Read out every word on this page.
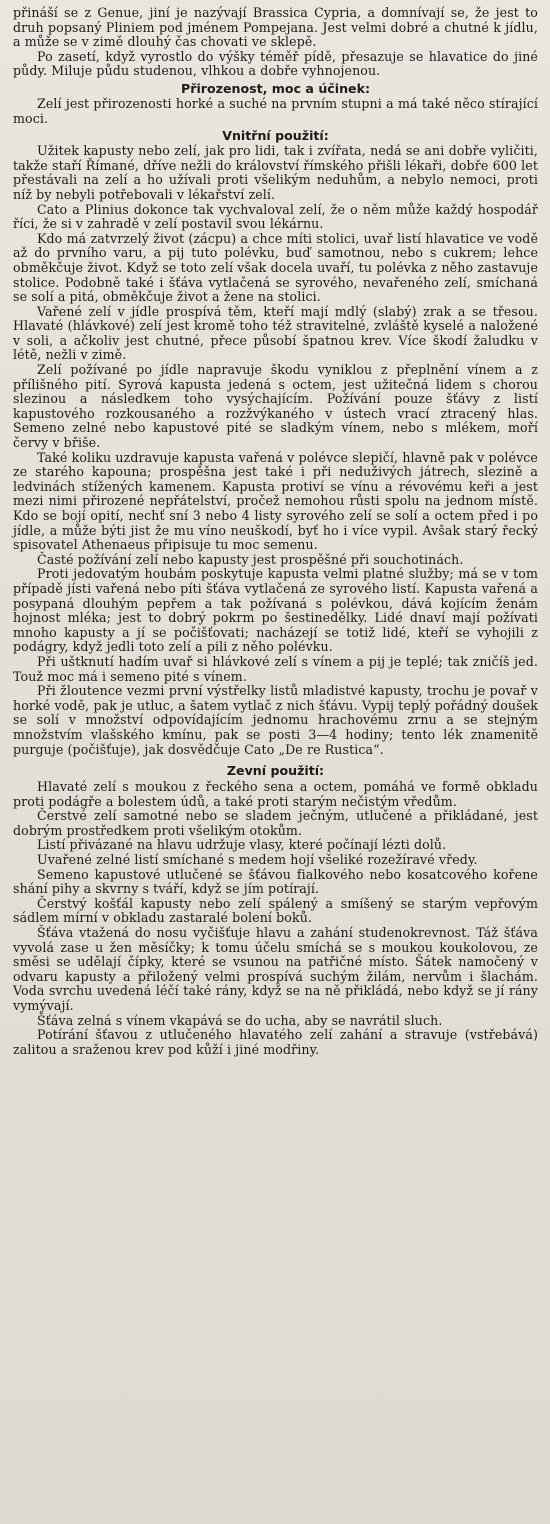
přináší se z Genue, jiní je nazývají Brassica Cypria, a domnívají se, že jest to druh popsaný Pliniem pod jménem Pompejana. Jest velmi dobré a chutné k jídlu, a může se v zimě dlouhý čas chovati ve sklepě.

Po zasetí, když vyrostlo do výšky téměř pídě, přesazuje se hlavatice do jiné půdy. Miluje půdu studenou, vlhkou a dobře vyhnojenou.

Přirozenost, moc a účinek:

Zelí jest přirozenosti horké a suché na prvním stupni a má také něco stírající moci.

Vnitřní použití:

Užitek kapusty nebo zelí, jak pro lidi, tak i zvířata, nedá se ani dobře vyličiti, takže staří Římané, dříve nežli do království římského přišli lékaři, dobře 600 let přestávali na zelí a ho užívali proti všelikým neduhům, a nebylo nemoci, proti níž by nebyli potřebovali v lékařství zelí.

Cato a Plinius dokonce tak vychvaloval zelí, že o něm může každý hospodář říci, že si v zahradě v zelí postavil svou lékárnu.

Kdo má zatvrzelý život (zácpu) a chce míti stolici, uvař listí hlavatice ve vodě až do prvního varu, a pij tuto polévku, buď samotnou, nebo s cukrem; lehce obměkčuje život. Když se toto zelí však docela uvaří, tu polévka z něho zastavuje stolice. Podobně také i šťáva vytlačená se syrového, nevařeného zelí, smíchaná se solí a pitá, obměkčuje život a žene na stolici.

Vařené zelí v jídle prospívá těm, kteří mají mdlý (slabý) zrak a se třesou. Hlavaté (hlávkové) zelí jest kromě toho též stravitelné, zvláště kyselé a naložené v soli, a ačkoliv jest chutné, přece působí špatnou krev. Více škodí žaludku v létě, nežli v zimě.

Zelí požívané po jídle napravuje škodu vyniklou z přeplnění vínem a z přílišného pití. Syrová kapusta jedená s octem, jest užitečná lidem s chorou slezinou a následkem toho vysýchajícím. Požívání pouze šťávy z listí kapustového rozkousaného a rozžvýkaného v ústech vrací ztracený hlas. Semeno zelné nebo kapustové pité se sladkým vínem, nebo s mlékem, moří červy v břiše.

Také koliku uzdravuje kapusta vařená v polévce slepičí, hlavně pak v polévce ze starého kapouna; prospěšna jest také i při neduživých játrech, slezině a ledvinách stížených kamenem. Kapusta protiví se vínu a révovému keři a jest mezi nimi přirozené nepřátelství, pročež nemohou růsti spolu na jednom místě. Kdo se bojí opití, nechť sní 3 nebo 4 listy syrového zelí se solí a octem před i po jídle, a může býti jist že mu víno neuškodí, byť ho i více vypil. Avšak starý řecký spisovatel Athenaeus připisuje tu moc semenu.

Časté požívání zelí nebo kapusty jest prospěšné při souchotinách.

Proti jedovatým houbám poskytuje kapusta velmi platné služby; má se v tom případě jísti vařená nebo píti šťáva vytlačená ze syrového listí. Kapusta vařená a posypaná dlouhým pepřem a tak požívaná s polévkou, dává kojícím ženám hojnost mléka; jest to dobrý pokrm po šestinedělky. Lidé dnaví mají požívati mnoho kapusty a jí se počišťovati; nacházejí se totiž lidé, kteří se vyhojili z podágry, když jedli toto zelí a pili z něho polévku.

Při uštknutí hadím uvař si hlávkové zelí s vínem a pij je teplé; tak zničíš jed. Touž moc má i semeno pité s vínem.

Při žloutence vezmi první výstřelky listů mladistvé kapusty, trochu je povař v horké vodě, pak je utluc, a šatem vytlač z nich šťávu. Vypij teplý pořádný doušek se solí v množství odpovídajícím jednomu hrachovému zrnu a se stejným množstvím vlašského kmínu, pak se posti 3—4 hodiny; tento lék znamenitě purguje (počišťuje), jak dosvědčuje Cato „De re Rustica“.

Zevní použití:

Hlavaté zelí s moukou z řeckého sena a octem, pomáhá ve formě obkladu proti podágře a bolestem údů, a také proti starým nečistým vředům.

Čerstvé zelí samotné nebo se sladem ječným, utlučené a přikládané, jest dobrým prostředkem proti všelikým otokům.

Listí přivázané na hlavu udržuje vlasy, které počínají lézti dolů.

Uvařené zelné listí smíchané s medem hojí všeliké rozežíravé vředy.

Semeno kapustové utlučené se šťávou fialkového nebo kosatcového kořene shání pihy a skvrny s tváří, když se jím potírají.

Čerstvý košťál kapusty nebo zelí spálený a smíšený se starým vepřovým sádlem mírní v obkladu zastaralé bolení boků.

Šťáva vtažená do nosu vyčišťuje hlavu a zahání studenokrevnost. Táž šťáva vyvolá zase u žen měsíčky; k tomu účelu smíchá se s moukou koukolovou, ze směsi se udělají čípky, které se vsunou na patřičné místo. Šátek namočený v odvaru kapusty a přiložený velmi prospívá suchým žilám, nervům i šlachám. Voda svrchu uvedená léčí také rány, když se na ně přikládá, nebo když se jí rány vymývají.

Šťáva zelná s vínem vkapává se do ucha, aby se navrátil sluch.

Potírání šťavou z utlučeného hlavatého zelí zahání a stravuje (vstřebává) zalitou a sraženou krev pod kůží i jiné modřiny.
